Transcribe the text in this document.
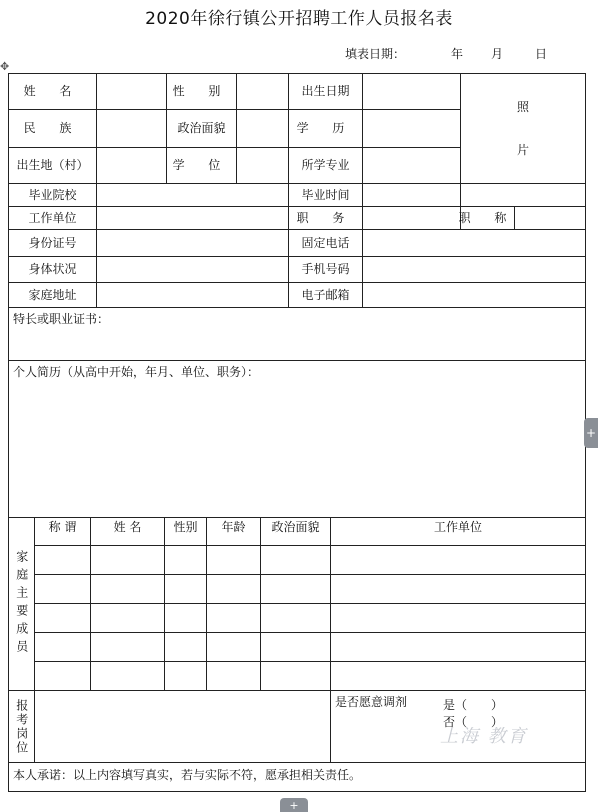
2020年徐行镇公开招聘工作人员报名表
填表日期：	年 月	日
✥
姓 名	性 别	出生日期
照
片
民 族	政治面貌	学 历
出生地（村）	学 位	所学专业
毕业院校	毕业时间
工作单位	职 务	职 称
身份证号	固定电话
身体状况	手机号码
家庭地址	电子邮箱
特长或职业证书：
个人简历（从高中开始，年月、单位、职务）：
家庭主要成员
称 谓	姓 名	性别	年龄	政治面貌	工作单位
报考岗位	是否愿意调剂	是（　　）
否（　　）
本人承诺：以上内容填写真实，若与实际不符，愿承担相关责任。
上海 教育
+
+
